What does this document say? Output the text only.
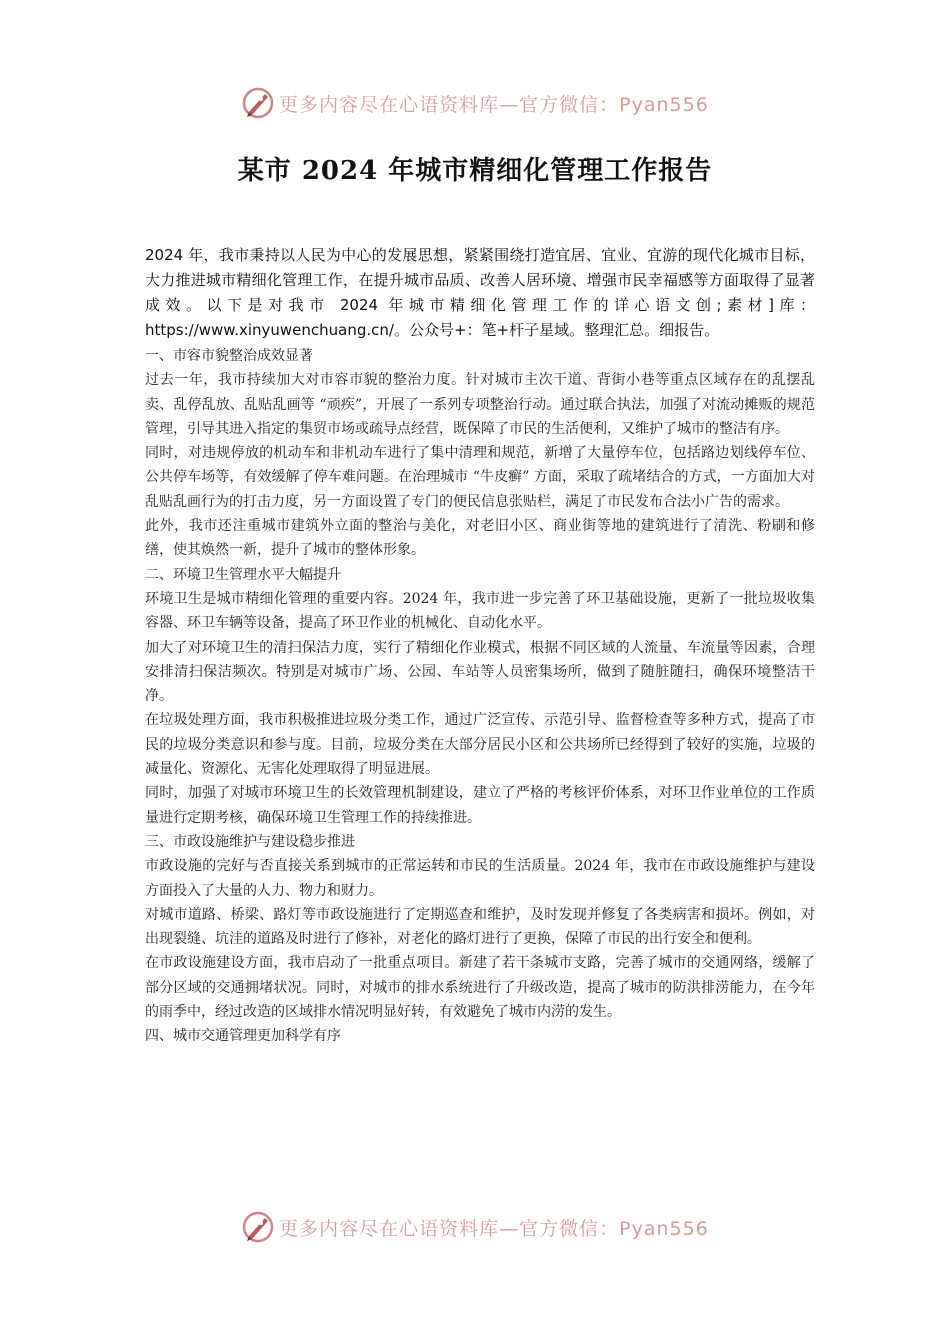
更多内容尽在心语资料库—官方微信：Pyan556
某市 2024 年城市精细化管理工作报告

2024 年，我市秉持以人民为中心的发展思想，紧紧围绕打造宜居、宜业、宜游的现代化城市目标，大力推进城市精细化管理工作，在提升城市品质、改善人居环境、增强市民幸福感等方面取得了显著成效。以下是对我市 2024 年城市精细化管理工作的详心语文创;素材]库：https://www.xinyuwenchuang.cn/。公众号+：笔+杆子星域。整理汇总。细报告。

一、市容市貌整治成效显著

过去一年，我市持续加大对市容市貌的整治力度。针对城市主次干道、背街小巷等重点区域存在的乱摆乱卖、乱停乱放、乱贴乱画等 “顽疾”，开展了一系列专项整治行动。通过联合执法，加强了对流动摊贩的规范管理，引导其进入指定的集贸市场或疏导点经营，既保障了市民的生活便利，又维护了城市的整洁有序。

同时，对违规停放的机动车和非机动车进行了集中清理和规范，新增了大量停车位，包括路边划线停车位、公共停车场等，有效缓解了停车难问题。在治理城市 “牛皮癣” 方面，采取了疏堵结合的方式，一方面加大对乱贴乱画行为的打击力度，另一方面设置了专门的便民信息张贴栏，满足了市民发布合法小广告的需求。

此外，我市还注重城市建筑外立面的整治与美化，对老旧小区、商业街等地的建筑进行了清洗、粉刷和修缮，使其焕然一新，提升了城市的整体形象。

二、环境卫生管理水平大幅提升

环境卫生是城市精细化管理的重要内容。2024 年，我市进一步完善了环卫基础设施，更新了一批垃圾收集容器、环卫车辆等设备，提高了环卫作业的机械化、自动化水平。

加大了对环境卫生的清扫保洁力度，实行了精细化作业模式，根据不同区域的人流量、车流量等因素，合理安排清扫保洁频次。特别是对城市广场、公园、车站等人员密集场所，做到了随脏随扫，确保环境整洁干净。

在垃圾处理方面，我市积极推进垃圾分类工作，通过广泛宣传、示范引导、监督检查等多种方式，提高了市民的垃圾分类意识和参与度。目前，垃圾分类在大部分居民小区和公共场所已经得到了较好的实施，垃圾的减量化、资源化、无害化处理取得了明显进展。

同时，加强了对城市环境卫生的长效管理机制建设，建立了严格的考核评价体系，对环卫作业单位的工作质量进行定期考核，确保环境卫生管理工作的持续推进。

三、市政设施维护与建设稳步推进

市政设施的完好与否直接关系到城市的正常运转和市民的生活质量。2024 年，我市在市政设施维护与建设方面投入了大量的人力、物力和财力。

对城市道路、桥梁、路灯等市政设施进行了定期巡查和维护，及时发现并修复了各类病害和损坏。例如，对出现裂缝、坑洼的道路及时进行了修补，对老化的路灯进行了更换，保障了市民的出行安全和便利。

在市政设施建设方面，我市启动了一批重点项目。新建了若干条城市支路，完善了城市的交通网络，缓解了部分区域的交通拥堵状况。同时，对城市的排水系统进行了升级改造，提高了城市的防洪排涝能力，在今年的雨季中，经过改造的区域排水情况明显好转，有效避免了城市内涝的发生。

四、城市交通管理更加科学有序
更多内容尽在心语资料库—官方微信：Pyan556
